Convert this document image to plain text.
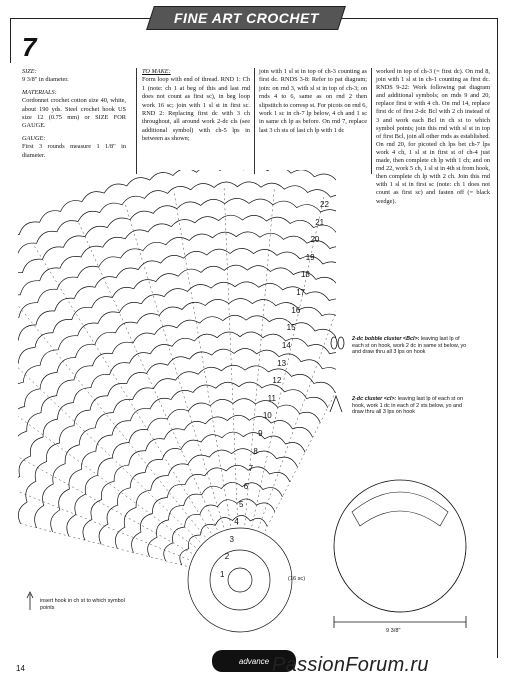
FINE ART CROCHET
7

SIZE:
9 3/8" in diameter.

MATERIALS:
Cordonnet crochet cotton size 40, white, about 190 yds. Steel crochet hook US size 12 (0.75 mm) or SIZE FOR GAUGE.

GAUGE:
First 3 rounds measure 1 1/8" in diameter.

TO MAKE:
Form loop with end of thread. RND 1: Ch 1 (note: ch 1 at beg of this and last rnd does not count as first sc), in beg loop work 16 sc; join with 1 sl st in first sc. RND 2: Replacing first dc with 3 ch throughout, all around work 2-dc cls (see additional symbol) with ch-5 lps in between as shown;

join with 1 sl st in top of ch-3 counting as first dc. RNDS 3-8: Refer to pat diagram; join: on rnd 3, with sl st in top of ch-3; on rnds 4 to 6, same as on rnd 2 then slipstitch to corresp st. For picots on rnd 6, work 1 sc in ch-7 lp below, 4 ch and 1 sc in same ch lp as before. On rnd 7, replace last 3 ch sts of last ch lp with 1 dc

worked in top of ch-3 (= first dc). On rnd 8, join with 1 sl st in ch-1 counting as first dc. RNDS 9-22: Work following pat diagram and additional symbols; on rnds 9 and 20, replace first tr with 4 ch. On rnd 14, replace first dc of first 2-dc Bcl with 2 ch instead of 3 and work each Bcl in ch st to which symbol points; join this rnd with sl st in top of first Bcl, join all other rnds as established. On rnd 20, for picoted ch lps bet ch-7 lps work 4 ch, 1 sl st in first st of ch-4 just made, then complete ch lp with 1 ch; and on rnd 22, work 5 ch, 1 sl st in 4th st from hook, then complete ch lp with 2 ch. Join this rnd with 1 sl st in first sc (note: ch 1 does not count as first sc) and fasten off (= black wedge).

22
21
20
19
18
17
16
15
14
13
12
11
10
9
8
7
6
5
4
3
2
1	(16 sc)
9 3/8"
2-dc bobble cluster <Bcl>: leaving last lp of each st on hook, work 2 dc in same st below, yo and draw thru all 3 lps on hook
2-dc cluster <cl>: leaving last lp of each st on hook, work 1 dc in each of 2 sts below, yo and draw thru all 3 lps on hook
insert hook in ch st to which symbol points
14
advance PassionForum.ru
